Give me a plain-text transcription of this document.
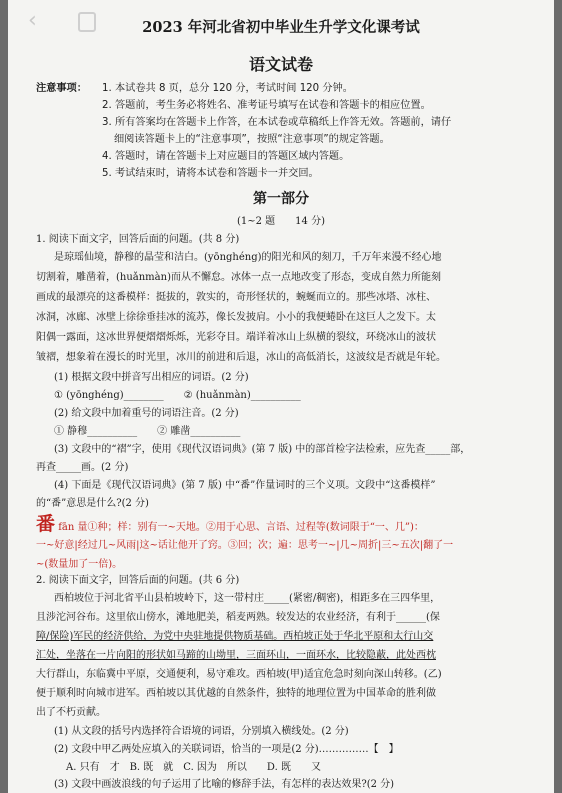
‹	2023 年河北省初中毕业生升学文化课考试
语文试卷
注意事项： 1. 本试卷共 8 页，总分 120 分，考试时间 120 分钟。
2. 答题前，考生务必将姓名、准考证号填写在试卷和答题卡的相应位置。
3. 所有答案均在答题卡上作答，在本试卷或草稿纸上作答无效。答题前，请仔
细阅读答题卡上的“注意事项”，按照“注意事项”的规定答题。
4. 答题时，请在答题卡上对应题目的答题区域内答题。
5. 考试结束时，请将本试卷和答题卡一并交回。
第一部分
(1~2 题　　14 分)
1. 阅读下面文字，回答后面的问题。(共 8 分)
是琼瑶仙境，静穆的晶莹和洁白。(yōnghéng)的阳光和风的刻刀，千万年来漫不经心地
切割着，雕凿着，(huǎnmàn)而从不懈怠。冰体一点一点地改变了形态，变成自然力所能刻
画成的最漂亮的这番模样：挺拔的，敦实的，奇形怪状的，蜿蜒而立的。那些冰塔、冰柱、
冰洞，冰廊、冰壁上徐徐垂挂冰的流苏，像长发披肩。小小的我便蜷卧在这巨人之发下。太
阳偶一露面，这冰世界便熠熠烁烁，光彩夺目。端详着冰山上纵横的裂纹，环绕冰山的波状
皱褶，想象着在漫长的时光里，冰川的前进和后退，冰山的高低消长，这波纹是否就是年轮。
(1) 根据文段中拼音写出相应的词语。(2 分)
① (yōnghéng)________　　② (huǎnmàn)__________
(2) 给文段中加着重号的词语注音。(2 分)
① 静穆__________　　② 雕凿__________
(3) 文段中的“褶”字，使用《现代汉语词典》(第 7 版) 中的部首检字法检索，应先查_____部，
再查_____画。(2 分)
(4) 下面是《现代汉语词典》(第 7 版) 中“番”作量词时的三个义项。文段中“这番模样”
的“番”意思是什么?(2 分)
番 fān 量①种；样：别有一~天地。②用于心思、言语、过程等(数词限于“一、几”)：
一~好意|经过几~风雨|这~话让他开了窍。③回；次；遍：思考一~|几~周折|三~五次|翻了一
~(数量加了一倍)。
2. 阅读下面文字，回答后面的问题。(共 6 分)
西柏坡位于河北省平山县柏坡岭下，这一带村庄_____(紧密/稠密)，相距多在三四华里，
且涉沱河谷布。这里依山傍水，滩地肥美，稻麦两熟。较发达的农业经济，有利于______(保
障/保险)军民的经济供给，为党中央驻地提供物质基础。西柏坡正处于华北平原和太行山交
汇处，坐落在一片向阳的形状如马蹄的山坳里，三面环山，一面环水，比较隐蔽，此处西枕
大行群山，东临冀中平原，交通便利，易守难攻。西柏坡(甲)适宜危急时刻向深山转移。(乙)
便于顺利时向城市进军。西柏坡以其优越的自然条件，独特的地理位置为中国革命的胜利做
出了不朽贡献。
(1) 从文段的括号内选择符合语境的词语，分别填入横线处。(2 分)
(2) 文段中甲乙两处应填入的关联词语，恰当的一项是(2 分)……………【　】
A. 只有　才　B. 既　就　C. 因为　所以　　D. 既　　又
(3) 文段中画波浪线的句子运用了比喻的修辞手法，有怎样的表达效果?(2 分)
